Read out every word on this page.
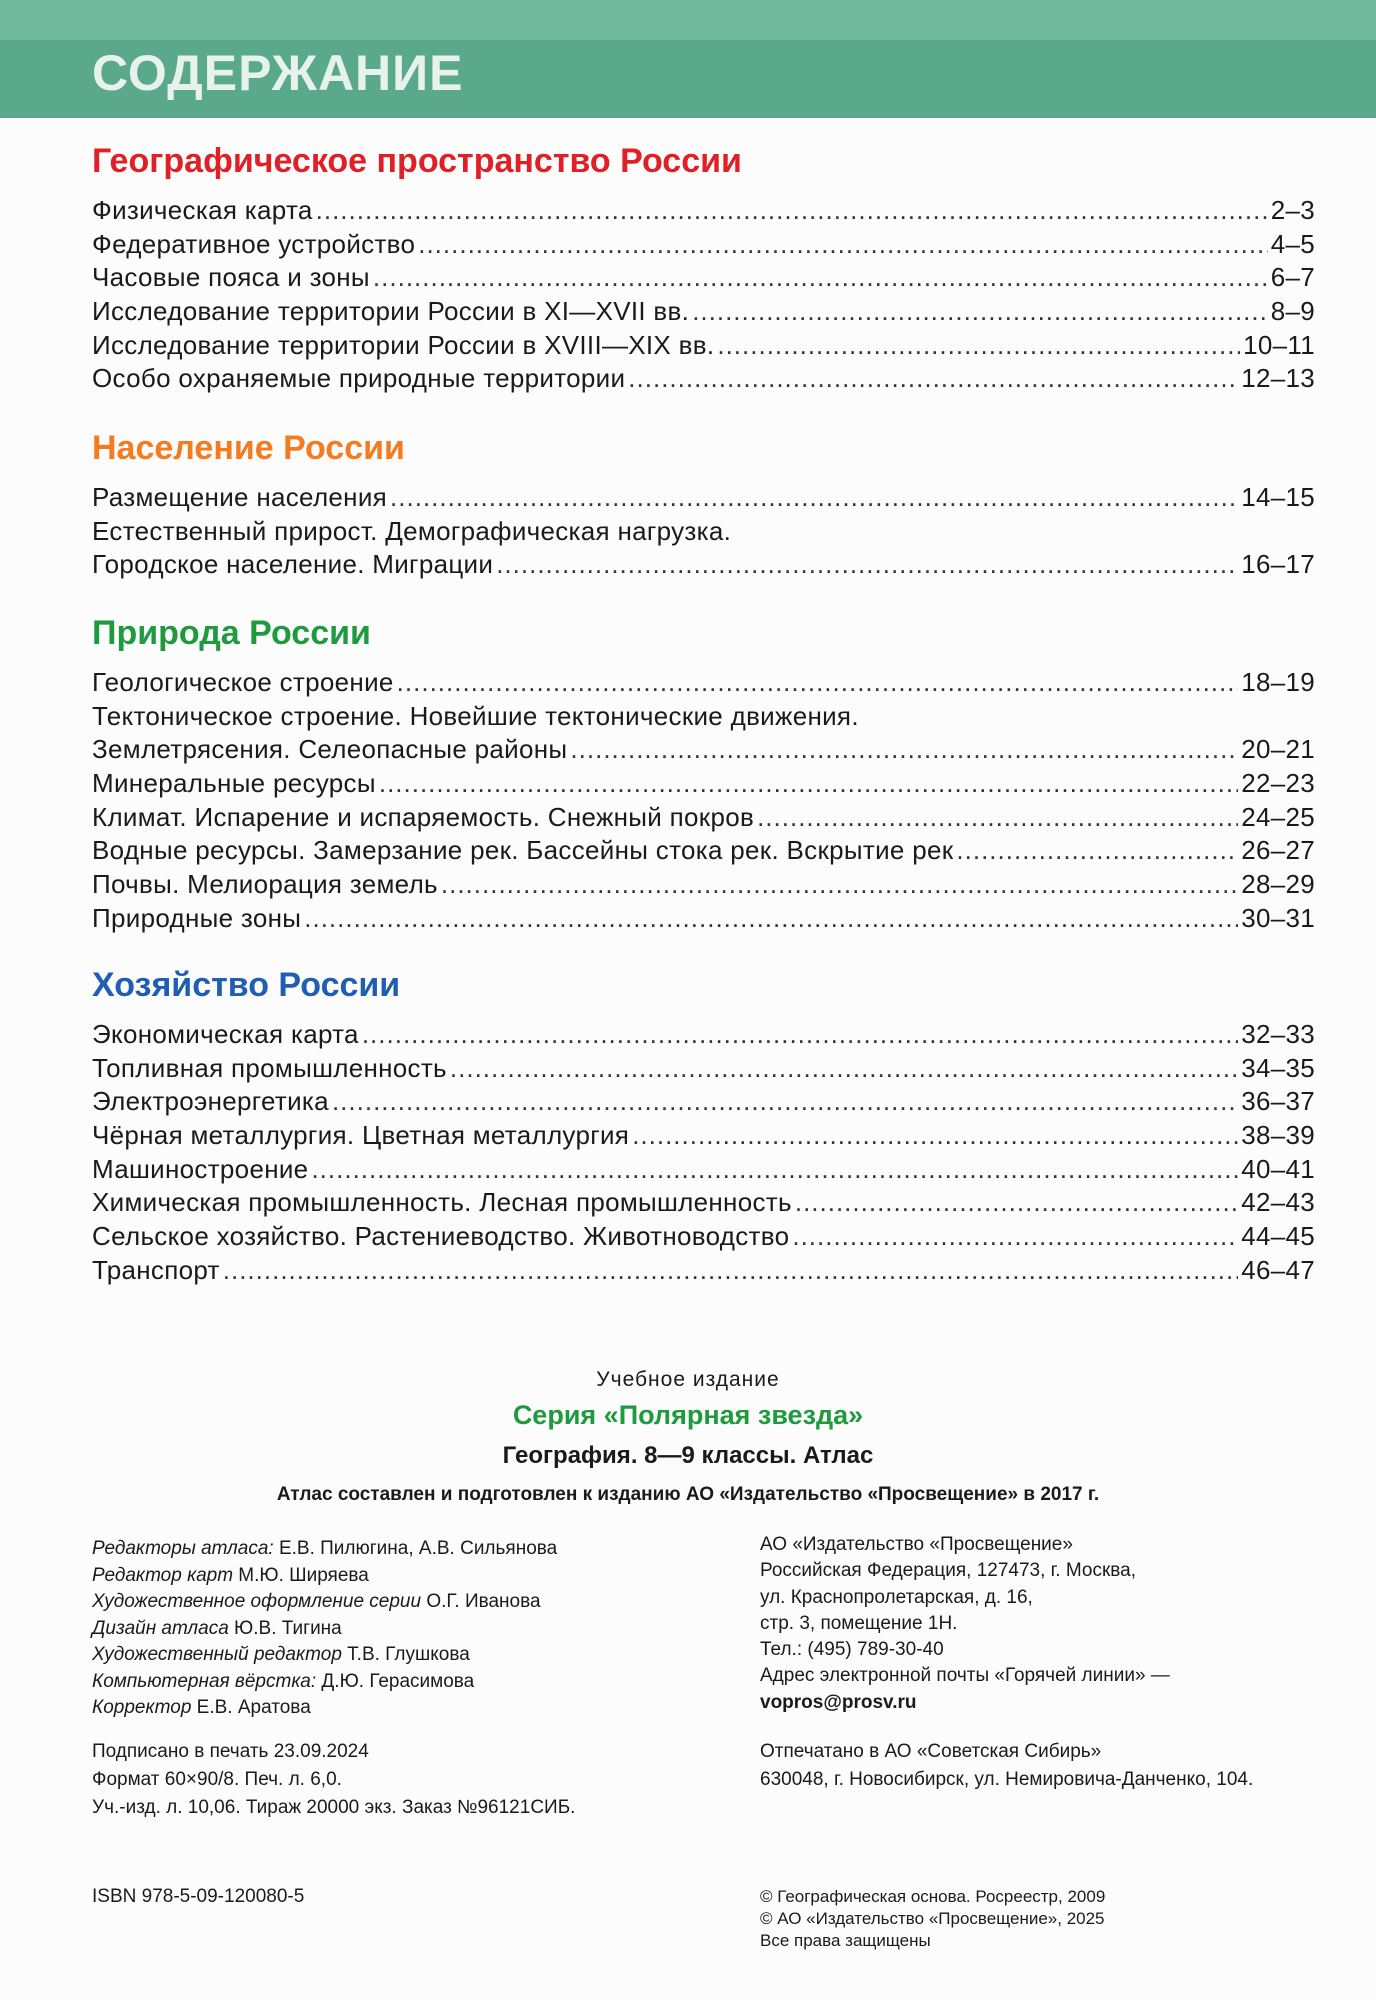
СОДЕРЖАНИЕ
Географическое пространство России
Физическая карта .....	2–3
Федеративное устройство .....	4–5
Часовые пояса и зоны .....	6–7
Исследование территории России в XI—XVII вв. .....	8–9
Исследование территории России в XVIII—XIX вв. .....	10–11
Особо охраняемые природные территории .....	12–13
Население России
Размещение населения .....	14–15
Естественный прирост. Демографическая нагрузка.
Городское население. Миграции .....	16–17
Природа России
Геологическое строение .....	18–19
Тектоническое строение. Новейшие тектонические движения.
Землетрясения. Селеопасные районы .....	20–21
Минеральные ресурсы .....	22–23
Климат. Испарение и испаряемость. Снежный покров .....	24–25
Водные ресурсы. Замерзание рек. Бассейны стока рек. Вскрытие рек .....	26–27
Почвы. Мелиорация земель .....	28–29
Природные зоны .....	30–31
Хозяйство России
Экономическая карта .....	32–33
Топливная промышленность .....	34–35
Электроэнергетика .....	36–37
Чёрная металлургия. Цветная металлургия .....	38–39
Машиностроение .....	40–41
Химическая промышленность. Лесная промышленность .....	42–43
Сельское хозяйство. Растениеводство. Животноводство .....	44–45
Транспорт .....	46–47
Учебное издание
Серия «Полярная звезда»
География. 8—9 классы. Атлас
Атлас составлен и подготовлен к изданию АО «Издательство «Просвещение» в 2017 г.
Редакторы атласа: Е.В. Пилюгина, А.В. Сильянова
Редактор карт М.Ю. Ширяева
Художественное оформление серии О.Г. Иванова
Дизайн атласа Ю.В. Тигина
Художественный редактор Т.В. Глушкова
Компьютерная вёрстка: Д.Ю. Герасимова
Корректор Е.В. Аратова
АО «Издательство «Просвещение»
Российская Федерация, 127473, г. Москва,
ул. Краснопролетарская, д. 16,
стр. 3, помещение 1Н.
Тел.: (495) 789-30-40
Адрес электронной почты «Горячей линии» —
vopros@prosv.ru
Подписано в печать 23.09.2024
Формат 60×90/8. Печ. л. 6,0.
Уч.-изд. л. 10,06. Тираж 20000 экз. Заказ №96121СИБ.
Отпечатано в АО «Советская Сибирь»
630048, г. Новосибирск, ул. Немировича-Данченко, 104.
ISBN 978-5-09-120080-5	© Географическая основа. Росреестр, 2009
© АО «Издательство «Просвещение», 2025
Все права защищены
